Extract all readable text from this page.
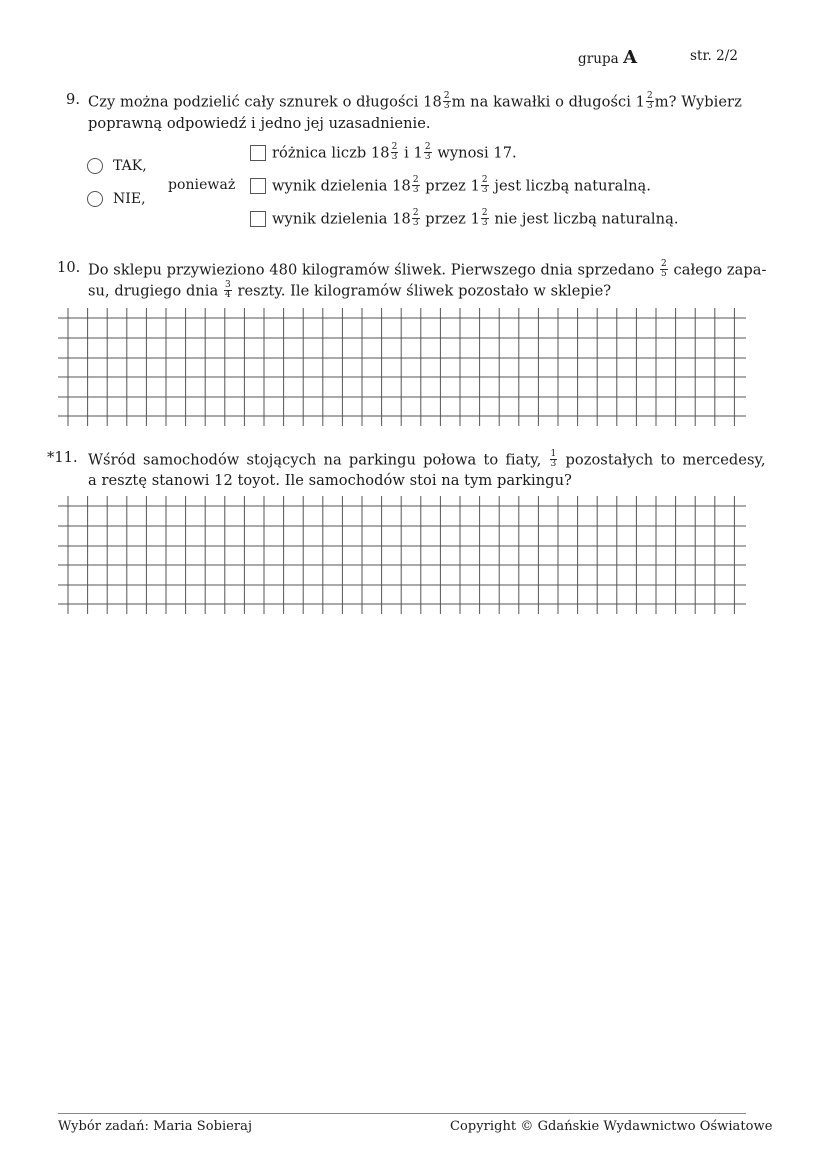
grupa A	str. 2/2
9. Czy można podzielić cały sznurek o długości $18 \frac{2}{3}$ m na kawałki o długości $1 \frac{2}{3} m$? Wybierz
poprawną odpowiedź i jedno jej uzasadnienie.
TAK,
NIE,
ponieważ
różnica liczb $18 \frac{2}{3}$ i $1 \frac{2}{3}$ wynosi 17.
wynik dzielenia $18 \frac{2}{3}$ przez $1 \frac{2}{3}$ jest liczbą naturalną.
wynik dzielenia $18 \frac{2}{3}$ przez $1 \frac{2}{3}$ nie jest liczbą naturalną.
10. Do sklepu przywieziono 480 kilogramów śliwek. Pierwszego dnia sprzedano $\frac{2}{5}$ całego zapa-
su, drugiego dnia $\frac{3}{4}$ reszty. Ile kilogramów śliwek pozostało w sklepie?
*11. Wśród samochodów stojących na parkingu połowa to fiaty, $\frac{1}{3}$ pozostałych to mercedesy,
a resztę stanowi 12 toyot. Ile samochodów stoi na tym parkingu?
Wybór zadań: Maria Sobieraj	Copyright © Gdańskie Wydawnictwo Oświatowe
